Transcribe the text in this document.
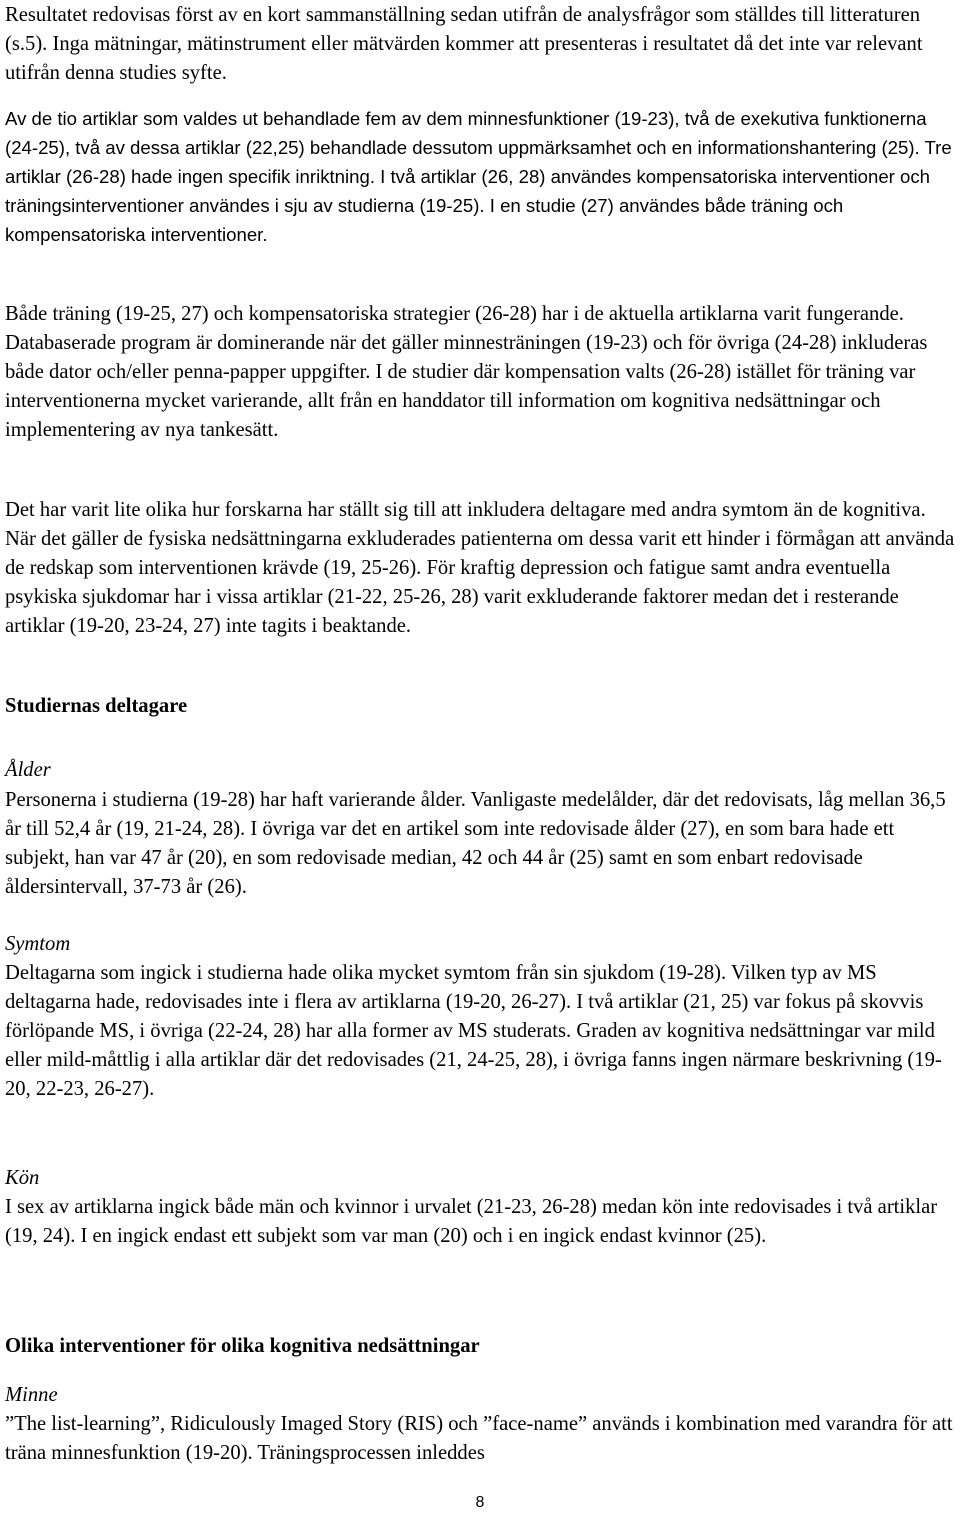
Resultatet redovisas först av en kort sammanställning sedan utifrån de analysfrågor som ställdes till litteraturen (s.5). Inga mätningar, mätinstrument eller mätvärden kommer att presenteras i resultatet då det inte var relevant utifrån denna studies syfte.

Av de tio artiklar som valdes ut behandlade fem av dem minnesfunktioner (19-23), två de exekutiva funktionerna (24-25), två av dessa artiklar (22,25) behandlade dessutom uppmärksamhet och en informationshantering (25). Tre artiklar (26-28) hade ingen specifik inriktning. I två artiklar (26, 28) användes kompensatoriska interventioner och träningsinterventioner användes i sju av studierna (19-25). I en studie (27) användes både träning och kompensatoriska interventioner.

Både träning (19-25, 27) och kompensatoriska strategier (26-28) har i de aktuella artiklarna varit fungerande. Databaserade program är dominerande när det gäller minnesträningen (19-23) och för övriga (24-28) inkluderas både dator och/eller penna-papper uppgifter. I de studier där kompensation valts (26-28) istället för träning var interventionerna mycket varierande, allt från en handdator till information om kognitiva nedsättningar och implementering av nya tankesätt.

Det har varit lite olika hur forskarna har ställt sig till att inkludera deltagare med andra symtom än de kognitiva. När det gäller de fysiska nedsättningarna exkluderades patienterna om dessa varit ett hinder i förmågan att använda de redskap som interventionen krävde (19, 25-26). För kraftig depression och fatigue samt andra eventuella psykiska sjukdomar har i vissa artiklar (21-22, 25-26, 28) varit exkluderande faktorer medan det i resterande artiklar (19-20, 23-24, 27) inte tagits i beaktande.

Studiernas deltagare
Ålder

Personerna i studierna (19-28) har haft varierande ålder. Vanligaste medelålder, där det redovisats, låg mellan 36,5 år till 52,4 år (19, 21-24, 28). I övriga var det en artikel som inte redovisade ålder (27), en som bara hade ett subjekt, han var 47 år (20), en som redovisade median, 42 och 44 år (25) samt en som enbart redovisade åldersintervall, 37-73 år (26).

Symtom

Deltagarna som ingick i studierna hade olika mycket symtom från sin sjukdom (19-28). Vilken typ av MS deltagarna hade, redovisades inte i flera av artiklarna (19-20, 26-27). I två artiklar (21, 25) var fokus på skovvis förlöpande MS, i övriga (22-24, 28) har alla former av MS studerats. Graden av kognitiva nedsättningar var mild eller mild-måttlig i alla artiklar där det redovisades (21, 24-25, 28), i övriga fanns ingen närmare beskrivning (19-20, 22-23, 26-27).

Kön

I sex av artiklarna ingick både män och kvinnor i urvalet (21-23, 26-28) medan kön inte redovisades i två artiklar (19, 24). I en ingick endast ett subjekt som var man (20) och i en ingick endast kvinnor (25).

Olika interventioner för olika kognitiva nedsättningar
Minne

”The list-learning”, Ridiculously Imaged Story (RIS) och ”face-name” används i kombination med varandra för att träna minnesfunktion (19-20). Träningsprocessen inleddes

8
